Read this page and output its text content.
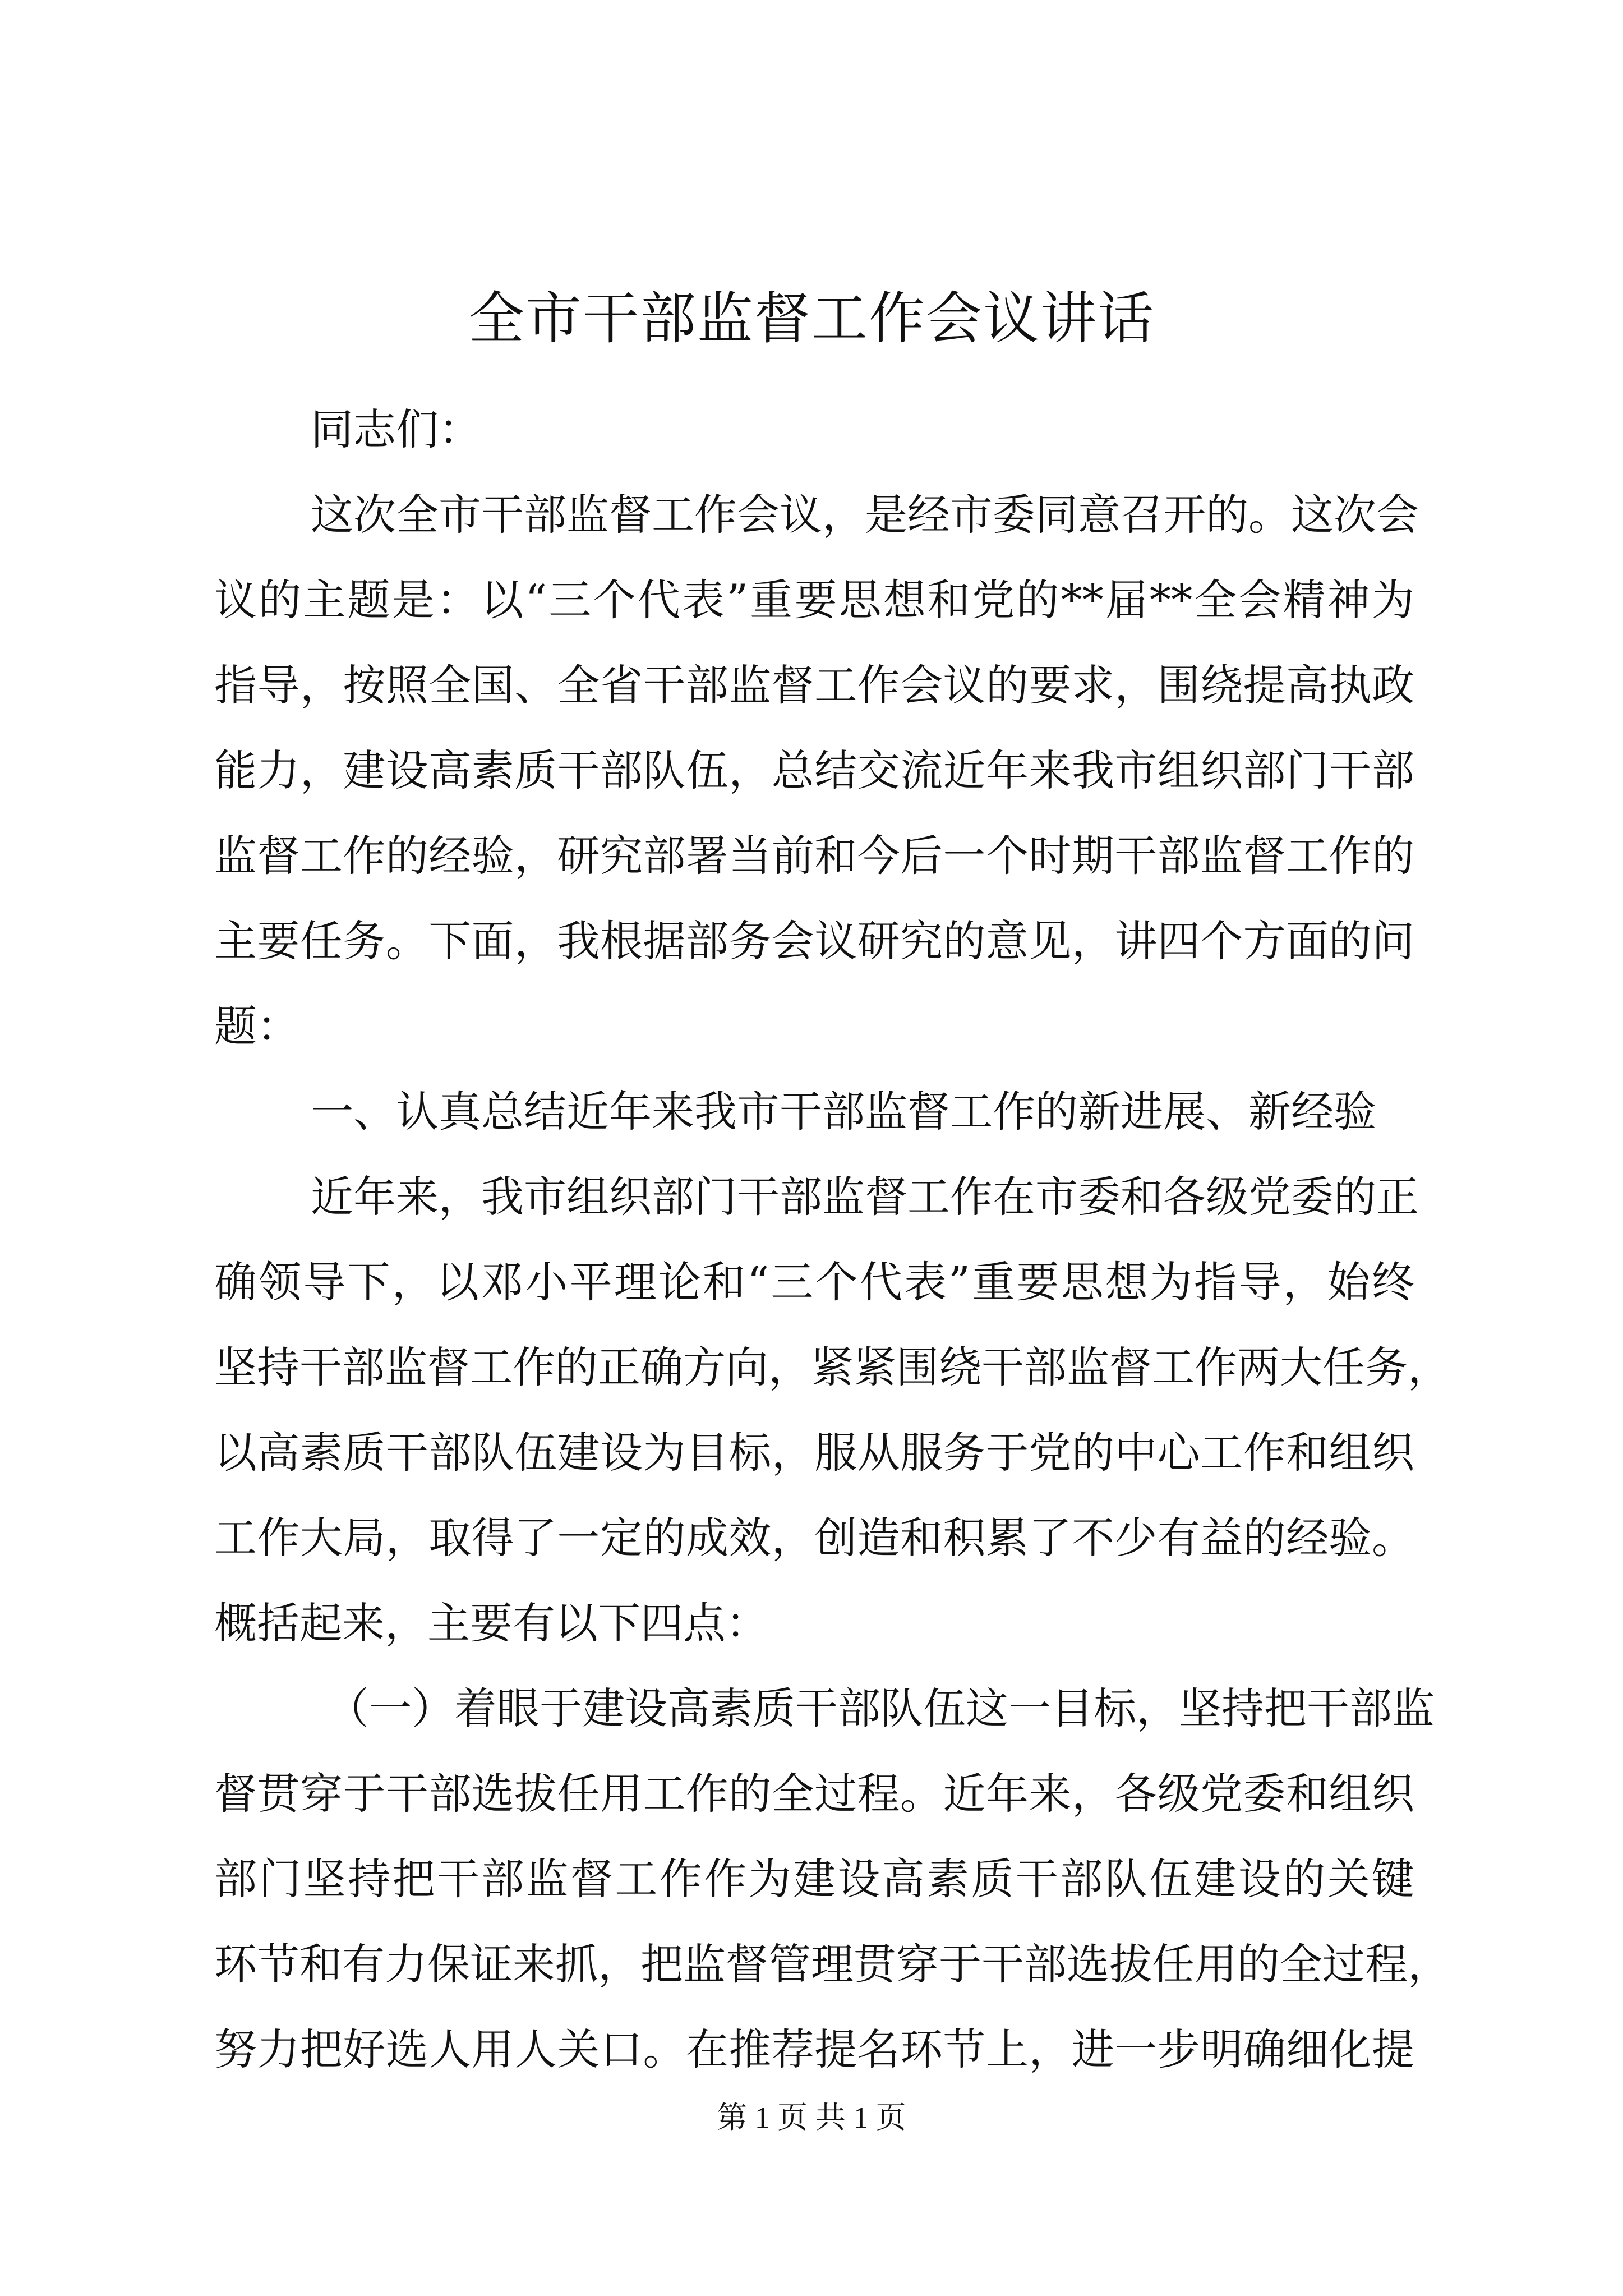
全市干部监督工作会议讲话
同志们：
这次全市干部监督工作会议，是经市委同意召开的。这次会
议的主题是：以“三个代表”重要思想和党的**届**全会精神为
指导，按照全国、全省干部监督工作会议的要求，围绕提高执政
能力，建设高素质干部队伍，总结交流近年来我市组织部门干部
监督工作的经验，研究部署当前和今后一个时期干部监督工作的
主要任务。下面，我根据部务会议研究的意见，讲四个方面的问
题：
一、认真总结近年来我市干部监督工作的新进展、新经验
近年来，我市组织部门干部监督工作在市委和各级党委的正
确领导下，以邓小平理论和“三个代表”重要思想为指导，始终
坚持干部监督工作的正确方向，紧紧围绕干部监督工作两大任务，
以高素质干部队伍建设为目标，服从服务于党的中心工作和组织
工作大局，取得了一定的成效，创造和积累了不少有益的经验。
概括起来，主要有以下四点：
（一）着眼于建设高素质干部队伍这一目标，坚持把干部监
督贯穿于干部选拔任用工作的全过程。近年来，各级党委和组织
部门坚持把干部监督工作作为建设高素质干部队伍建设的关键
环节和有力保证来抓，把监督管理贯穿于干部选拔任用的全过程，
努力把好选人用人关口。在推荐提名环节上，进一步明确细化提
第 1 页 共 1 页
